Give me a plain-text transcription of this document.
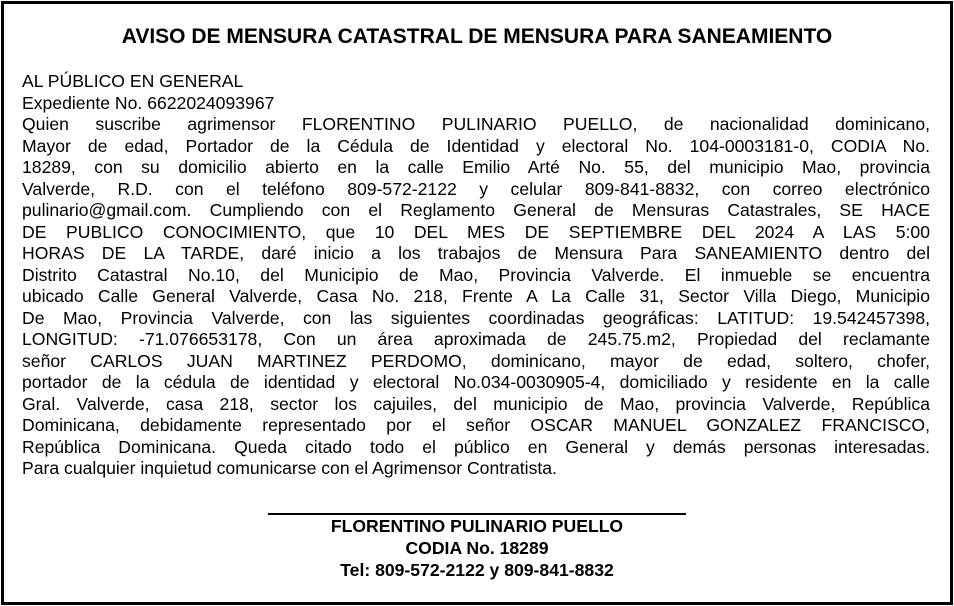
AVISO DE MENSURA CATASTRAL DE MENSURA PARA SANEAMIENTO
AL PÚBLICO EN GENERAL
Expediente No. 6622024093967
Quien suscribe agrimensor FLORENTINO PULINARIO PUELLO, de nacionalidad dominicano,
Mayor de edad, Portador de la Cédula de Identidad y electoral No. 104-0003181-0, CODIA No.
18289, con su domicilio abierto en la calle Emilio Arté No. 55, del municipio Mao, provincia
Valverde, R.D. con el teléfono 809-572-2122 y celular 809-841-8832, con correo electrónico
pulinario@gmail.com. Cumpliendo con el Reglamento General de Mensuras Catastrales, SE HACE
DE PUBLICO CONOCIMIENTO, que 10 DEL MES DE SEPTIEMBRE DEL 2024 A LAS 5:00
HORAS DE LA TARDE, daré inicio a los trabajos de Mensura Para SANEAMIENTO dentro del
Distrito Catastral No.10, del Municipio de Mao, Provincia Valverde. El inmueble se encuentra
ubicado Calle General Valverde, Casa No. 218, Frente A La Calle 31, Sector Villa Diego, Municipio
De Mao, Provincia Valverde, con las siguientes coordinadas geográficas: LATITUD: 19.542457398,
LONGITUD: -71.076653178, Con un área aproximada de 245.75.m2, Propiedad del reclamante
señor CARLOS JUAN MARTINEZ PERDOMO, dominicano, mayor de edad, soltero, chofer,
portador de la cédula de identidad y electoral No.034-0030905-4, domiciliado y residente en la calle
Gral. Valverde, casa 218, sector los cajuiles, del municipio de Mao, provincia Valverde, República
Dominicana, debidamente representado por el señor OSCAR MANUEL GONZALEZ FRANCISCO,
República Dominicana. Queda citado todo el público en General y demás personas interesadas.
Para cualquier inquietud comunicarse con el Agrimensor Contratista.
FLORENTINO PULINARIO PUELLO
CODIA No. 18289
Tel: 809-572-2122 y 809-841-8832
